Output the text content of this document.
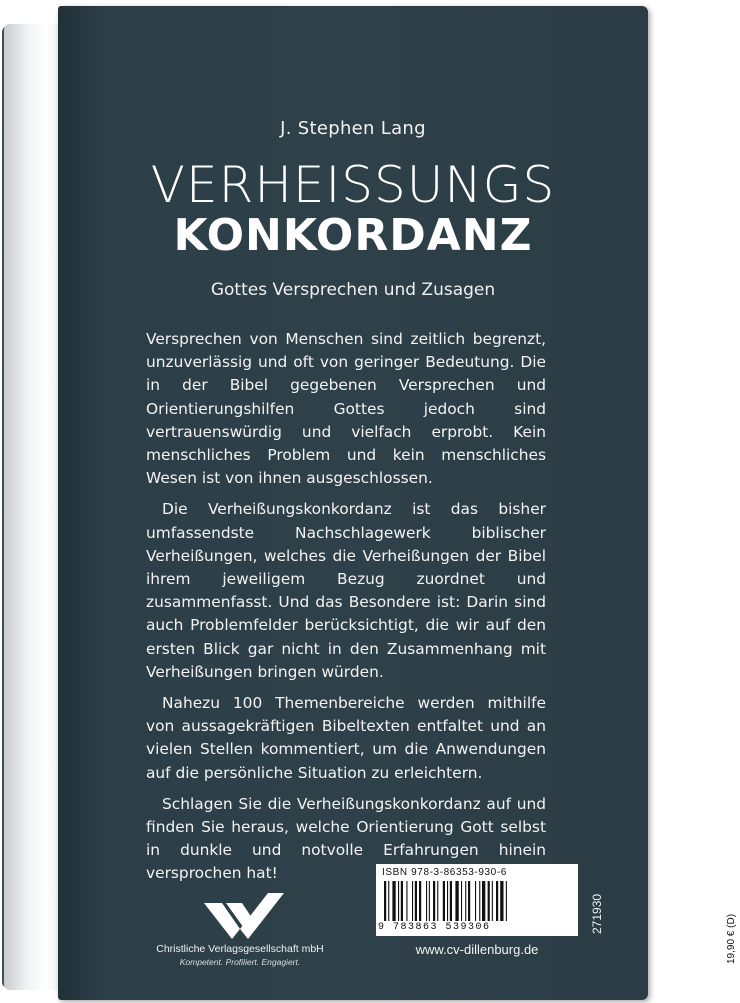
J. Stephen Lang
VERHEISSUNGS
KONKORDANZ
Gottes Versprechen und Zusagen

Versprechen von Menschen sind zeitlich begrenzt, unzuverlässig und oft von geringer Bedeutung. Die in der Bibel gegebenen Versprechen und Orientierungshilfen Gottes jedoch sind vertrauenswürdig und vielfach erprobt. Kein menschliches Problem und kein menschliches Wesen ist von ihnen ausgeschlossen.

Die Verheißungskonkordanz ist das bisher umfassendste Nachschlagewerk biblischer Verheißungen, welches die Verheißungen der Bibel ihrem jeweiligem Bezug zuordnet und zusammenfasst. Und das Besondere ist: Darin sind auch Problemfelder berücksichtigt, die wir auf den ersten Blick gar nicht in den Zusammenhang mit Verheißungen bringen würden.

Nahezu 100 Themenbereiche werden mithilfe von aussagekräftigen Bibeltexten entfaltet und an vielen Stellen kommentiert, um die Anwendungen auf die persönliche Situation zu erleichtern.

Schlagen Sie die Verheißungskonkordanz auf und finden Sie heraus, welche Orientierung Gott selbst in dunkle und notvolle Erfahrungen hinein versprochen hat!

Christliche Verlagsgesellschaft mbH
Kompetent. Profiliert. Engagiert.
ISBN 978-3-86353-930-6
9 783863 539306	19,90 € (D)
271930
www.cv-dillenburg.de
leseplatz.de
